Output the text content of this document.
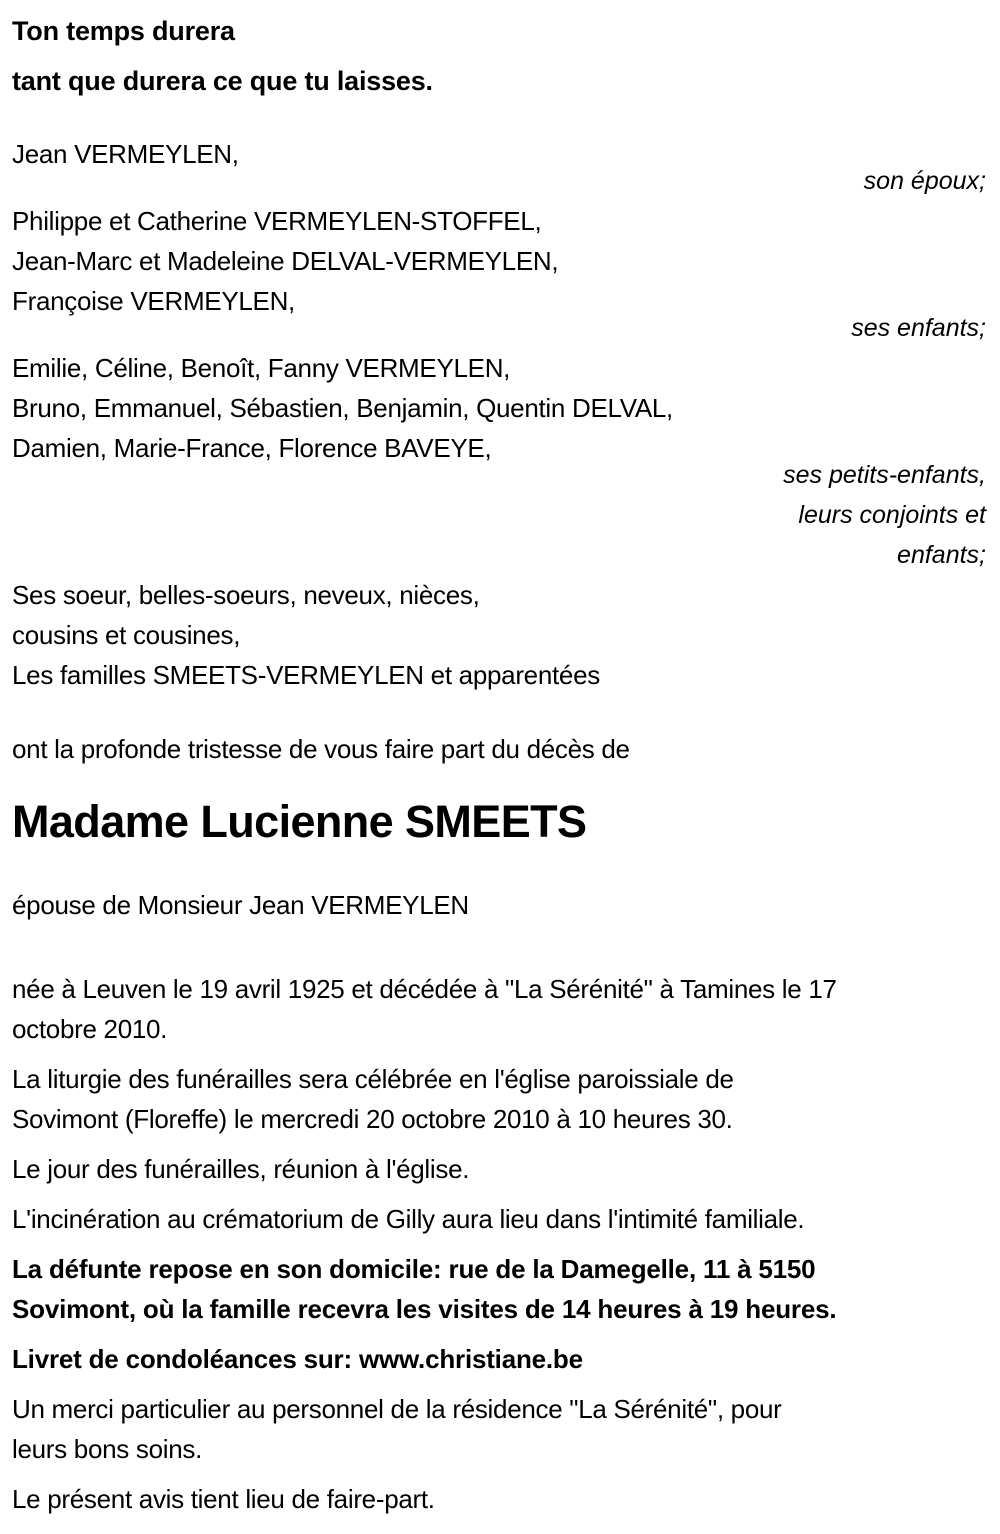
Ton temps durera
tant que durera ce que tu laisses.
Jean VERMEYLEN,
son époux;
Philippe et Catherine VERMEYLEN-STOFFEL,
Jean-Marc et Madeleine DELVAL-VERMEYLEN,
Françoise VERMEYLEN,
ses enfants;
Emilie, Céline, Benoît, Fanny VERMEYLEN,
Bruno, Emmanuel, Sébastien, Benjamin, Quentin DELVAL,
Damien, Marie-France, Florence BAVEYE,
ses petits-enfants,
leurs conjoints et
enfants;
Ses soeur, belles-soeurs, neveux, nièces,
cousins et cousines,
Les familles SMEETS-VERMEYLEN et apparentées
ont la profonde tristesse de vous faire part du décès de
Madame Lucienne SMEETS
épouse de Monsieur Jean VERMEYLEN
née à Leuven le 19 avril 1925 et décédée à "La Sérénité" à Tamines le 17
octobre 2010.
La liturgie des funérailles sera célébrée en l'église paroissiale de
Sovimont (Floreffe) le mercredi 20 octobre 2010 à 10 heures 30.
Le jour des funérailles, réunion à l'église.
L'incinération au crématorium de Gilly aura lieu dans l'intimité familiale.
La défunte repose en son domicile: rue de la Damegelle, 11 à 5150
Sovimont, où la famille recevra les visites de 14 heures à 19 heures.
Livret de condoléances sur: www.christiane.be
Un merci particulier au personnel de la résidence "La Sérénité", pour
leurs bons soins.
Le présent avis tient lieu de faire-part.
